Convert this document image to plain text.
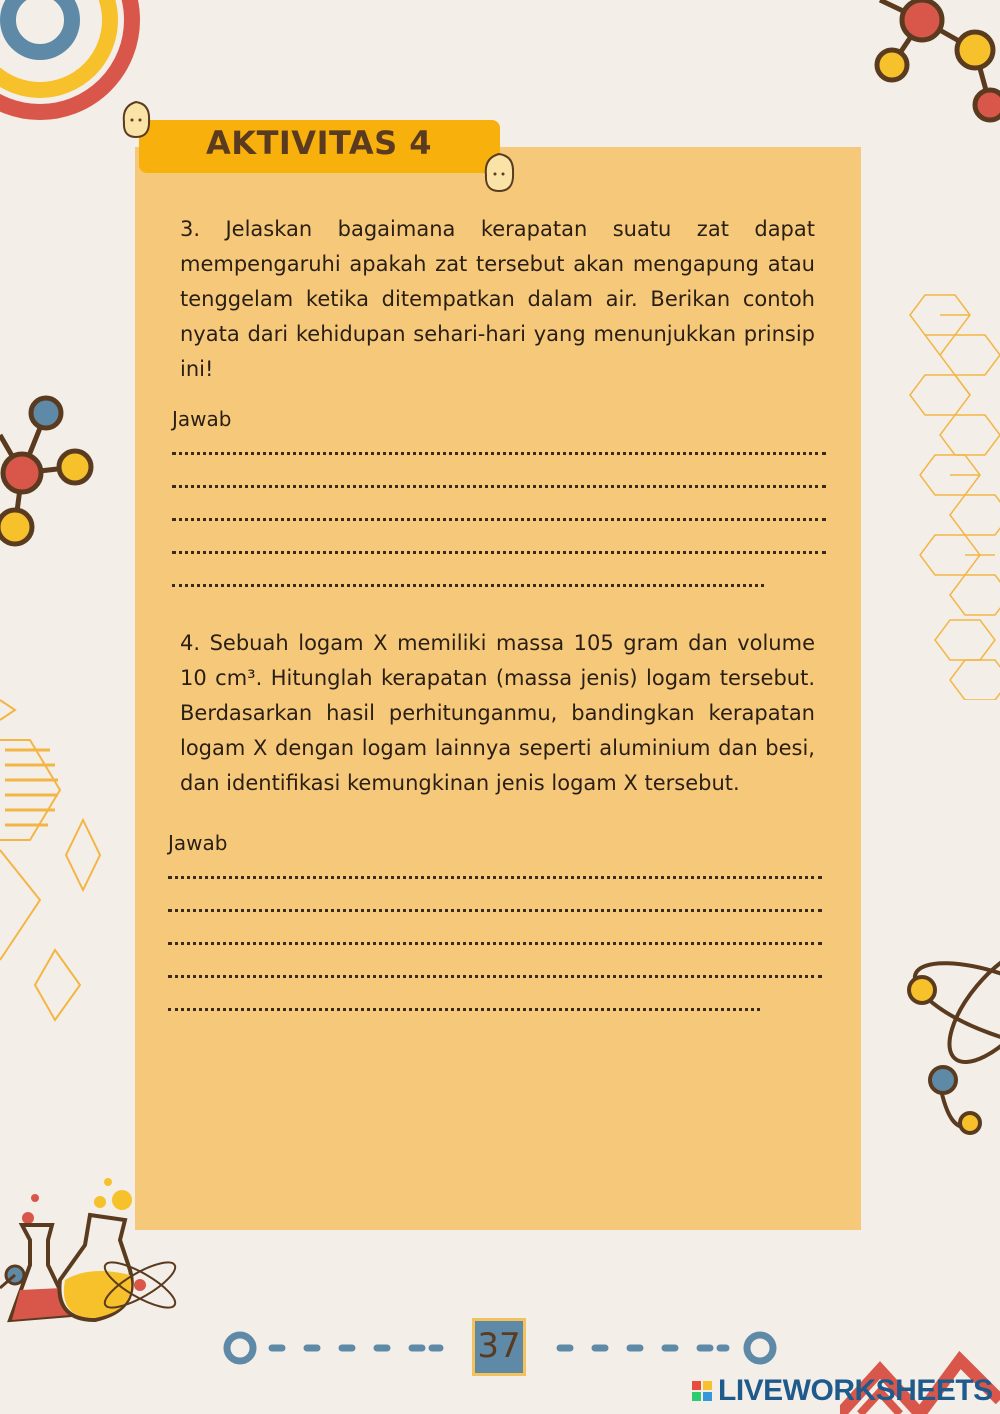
AKTIVITAS 4

3. Jelaskan bagaimana kerapatan suatu zat dapat mempengaruhi apakah zat tersebut akan mengapung atau tenggelam ketika ditempatkan dalam air. Berikan contoh nyata dari kehidupan sehari-hari yang menunjukkan prinsip ini!

Jawab

4. Sebuah logam X memiliki massa 105 gram dan volume 10 cm³. Hitunglah kerapatan (massa jenis) logam tersebut. Berdasarkan hasil perhitunganmu, bandingkan kerapatan logam X dengan logam lainnya seperti aluminium dan besi, dan identifikasi kemungkinan jenis logam X tersebut.

Jawab
37
LIVEWORKSHEETS
